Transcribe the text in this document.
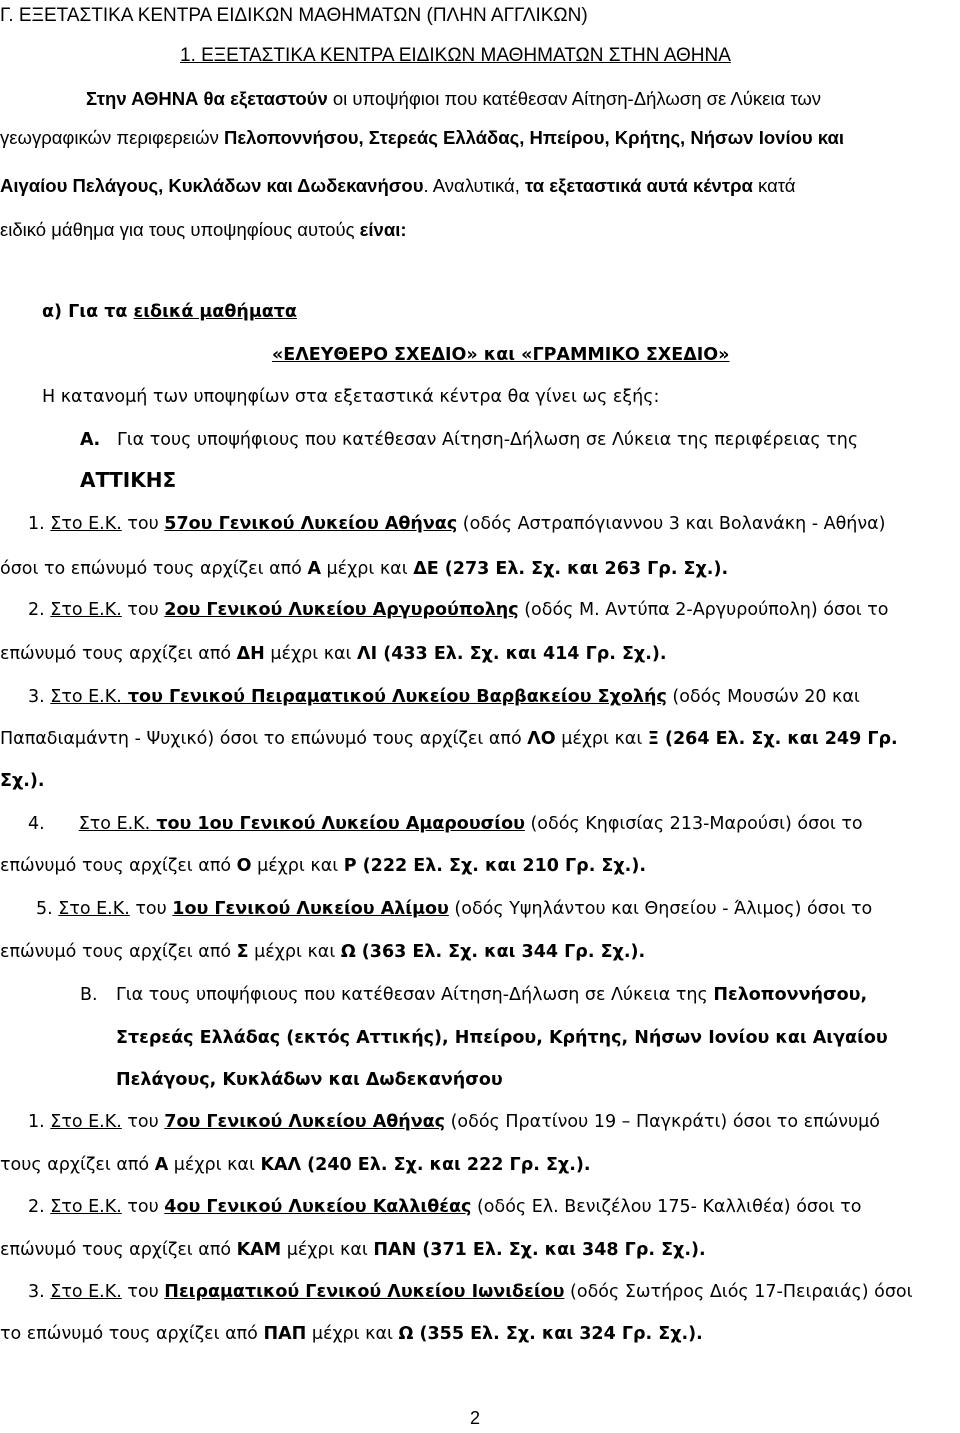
Γ. ΕΞΕΤΑΣΤΙΚΑ ΚΕΝΤΡΑ ΕΙΔΙΚΩΝ ΜΑΘΗΜΑΤΩΝ (ΠΛΗΝ ΑΓΓΛΙΚΩΝ)
1. ΕΞΕΤΑΣΤΙΚΑ ΚΕΝΤΡΑ ΕΙΔΙΚΩΝ ΜΑΘΗΜΑΤΩΝ ΣΤΗΝ ΑΘΗΝΑ
Στην ΑΘΗΝΑ θα εξεταστούν οι υποψήφιοι που κατέθεσαν Αίτηση-Δήλωση σε Λύκεια των
γεωγραφικών περιφερειών Πελοποννήσου, Στερεάς Ελλάδας, Ηπείρου, Κρήτης, Νήσων Ιονίου και
Αιγαίου Πελάγους, Κυκλάδων και Δωδεκανήσου. Αναλυτικά, τα εξεταστικά αυτά κέντρα κατά
ειδικό μάθημα για τους υποψηφίους αυτούς είναι:
α) Για τα ειδικά μαθήματα
«ΕΛΕΥΘΕΡΟ ΣΧΕΔΙΟ» και «ΓΡΑΜΜΙΚΟ ΣΧΕΔΙΟ»
Η κατανομή των υποψηφίων στα εξεταστικά κέντρα θα γίνει ως εξής:
Α. Για τους υποψήφιους που κατέθεσαν Αίτηση-Δήλωση σε Λύκεια της περιφέρειας της
ΑΤΤΙΚΗΣ
1. Στο Ε.Κ. του 57ου Γενικού Λυκείου Αθήνας (οδός Αστραπόγιαννου 3 και Βολανάκη - Αθήνα)
όσοι το επώνυμό τους αρχίζει από Α μέχρι και ΔΕ (273 Ελ. Σχ. και 263 Γρ. Σχ.).
2. Στο Ε.Κ. του 2ου Γενικού Λυκείου Αργυρούπολης (οδός Μ. Αντύπα 2-Αργυρούπολη) όσοι το
επώνυμό τους αρχίζει από ΔΗ μέχρι και ΛΙ (433 Ελ. Σχ. και 414 Γρ. Σχ.).
3. Στο Ε.Κ. του Γενικού Πειραματικού Λυκείου Βαρβακείου Σχολής (οδός Μουσών 20 και
Παπαδιαμάντη - Ψυχικό) όσοι το επώνυμό τους αρχίζει από ΛΟ μέχρι και Ξ (264 Ελ. Σχ. και 249 Γρ.
Σχ.).
4. Στο Ε.Κ. του 1ου Γενικού Λυκείου Αμαρουσίου (οδός Κηφισίας 213-Μαρούσι) όσοι το
επώνυμό τους αρχίζει από Ο μέχρι και Ρ (222 Ελ. Σχ. και 210 Γρ. Σχ.).
5. Στο Ε.Κ. του 1ου Γενικού Λυκείου Αλίμου (οδός Υψηλάντου και Θησείου - Άλιμος) όσοι το
επώνυμό τους αρχίζει από Σ μέχρι και Ω (363 Ελ. Σχ. και 344 Γρ. Σχ.).
Β. Για τους υποψήφιους που κατέθεσαν Αίτηση-Δήλωση σε Λύκεια της Πελοποννήσου,
Στερεάς Ελλάδας (εκτός Αττικής), Ηπείρου, Κρήτης, Νήσων Ιονίου και Αιγαίου
Πελάγους, Κυκλάδων και Δωδεκανήσου
1. Στο Ε.Κ. του 7ου Γενικού Λυκείου Αθήνας (οδός Πρατίνου 19 – Παγκράτι) όσοι το επώνυμό
τους αρχίζει από Α μέχρι και ΚΑΛ (240 Ελ. Σχ. και 222 Γρ. Σχ.).
2. Στο Ε.Κ. του 4ου Γενικού Λυκείου Καλλιθέας (οδός Ελ. Βενιζέλου 175- Καλλιθέα) όσοι το
επώνυμό τους αρχίζει από ΚΑΜ μέχρι και ΠΑΝ (371 Ελ. Σχ. και 348 Γρ. Σχ.).
3. Στο Ε.Κ. του Πειραματικού Γενικού Λυκείου Ιωνιδείου (οδός Σωτήρος Διός 17-Πειραιάς) όσοι
το επώνυμό τους αρχίζει από ΠΑΠ μέχρι και Ω (355 Ελ. Σχ. και 324 Γρ. Σχ.).
2
